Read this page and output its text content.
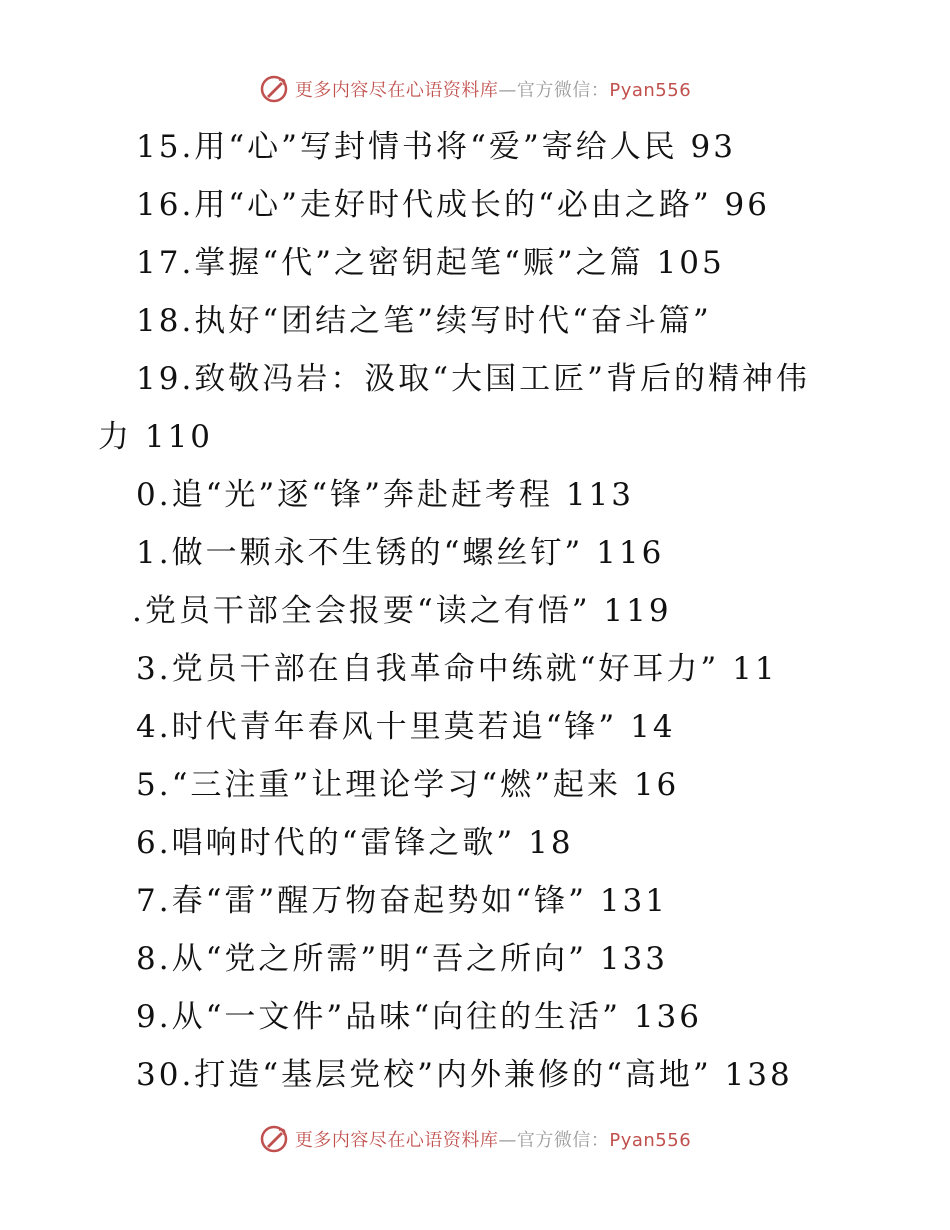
更多内容尽在心语资料库—官方微信：Pyan556
15.用“心”写封情书将“爱”寄给人民 93
16.用“心”走好时代成长的“必由之路” 96
17.掌握“代”之密钥起笔“赈”之篇 105
18.执好“团结之笔”续写时代“奋斗篇”
19.致敬冯岩：汲取“大国工匠”背后的精神伟
力 110
0.追“光”逐“锋”奔赴赶考程 113
1.做一颗永不生锈的“螺丝钉” 116
.党员干部全会报要“读之有悟” 119
3.党员干部在自我革命中练就“好耳力” 11
4.时代青年春风十里莫若追“锋” 14
5.“三注重”让理论学习“燃”起来 16
6.唱响时代的“雷锋之歌” 18
7.春“雷”醒万物奋起势如“锋” 131
8.从“党之所需”明“吾之所向” 133
9.从“一文件”品味“向往的生活” 136
30.打造“基层党校”内外兼修的“高地” 138
更多内容尽在心语资料库—官方微信：Pyan556
